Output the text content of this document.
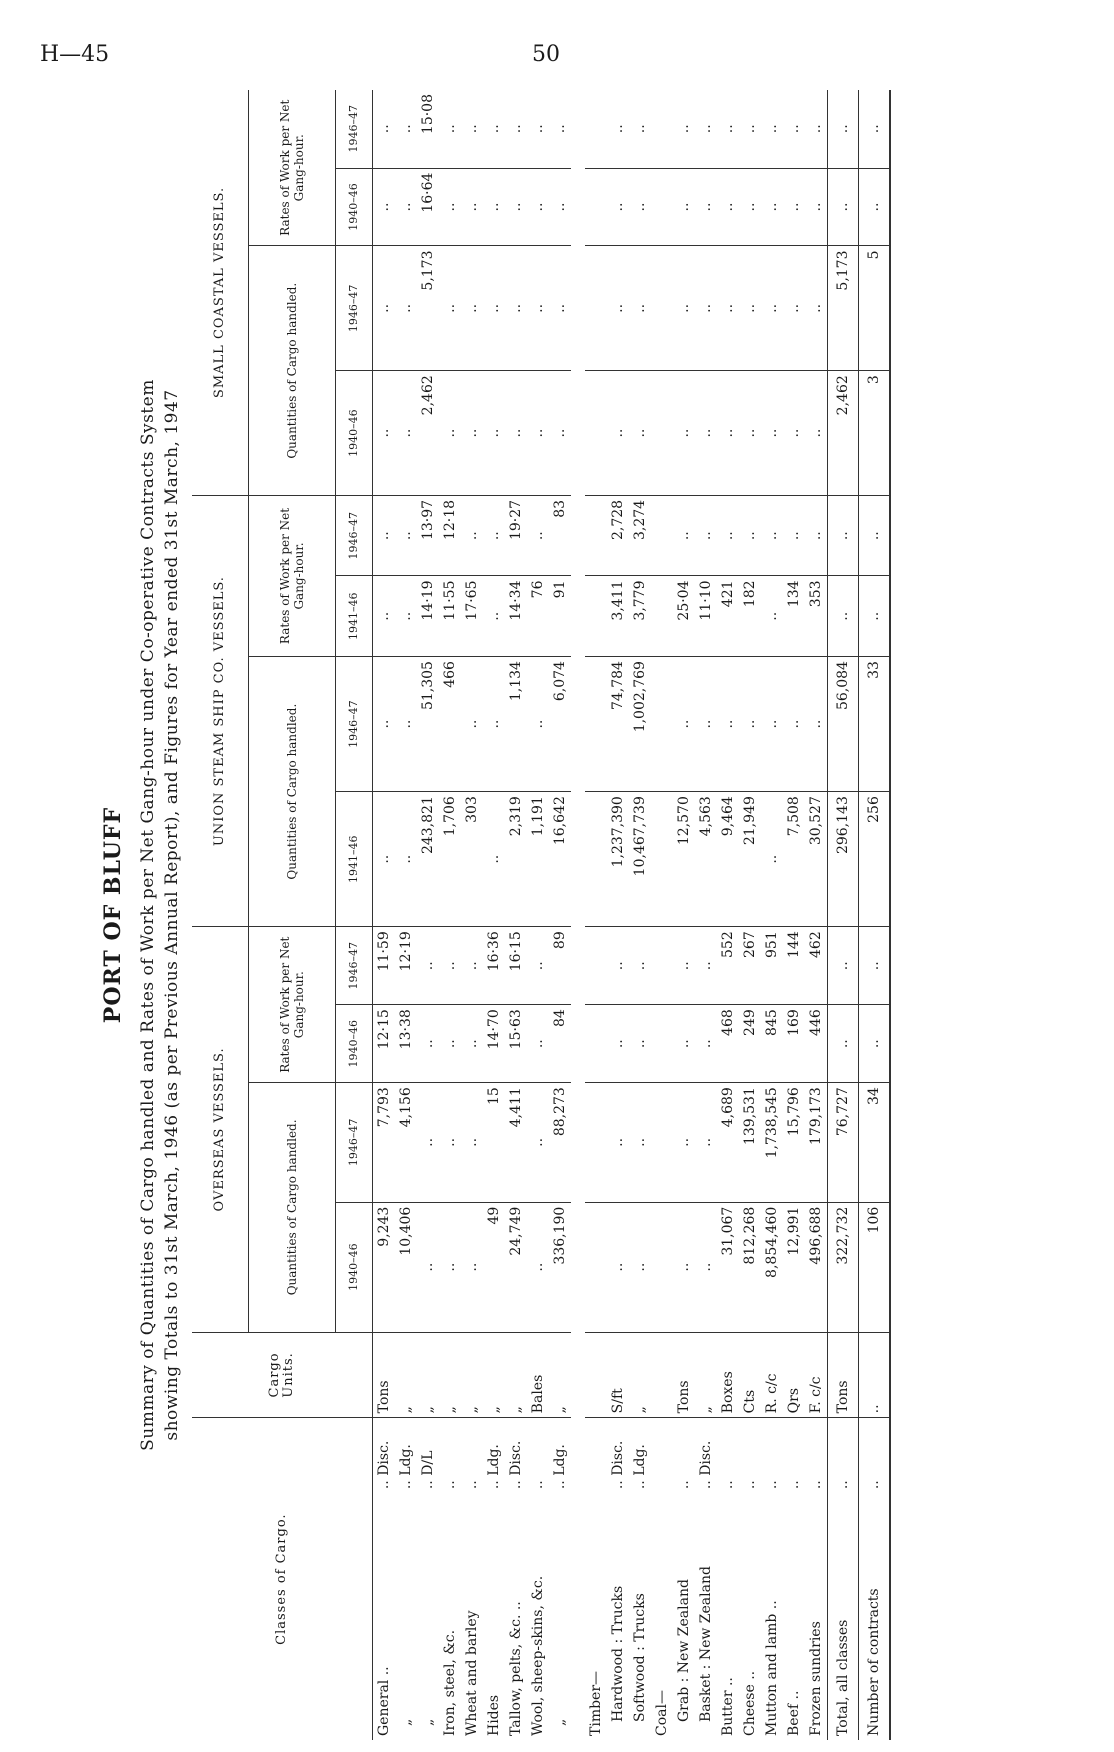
H—45	50
PORT OF BLUFF Summary of Quantities of Cargo handled and Rates of Work per Net Gang-hour under Co-operative Contracts System showing Totals to 31st March, 1946 (as per Previous Annual Report), and Figures for Year ended 31st March, 1947
Classes of Cargo.		Cargo Units.	OVERSEAS VESSELS.				UNION STEAM SHIP CO. VESSELS.				SMALL COASTAL VESSELS.			
			Quantities of Cargo handled.		Rates of Work per Net Gang-hour.		Quantities of Cargo handled.		Rates of Work per Net Gang-hour.		Quantities of Cargo handled.		Rates of Work per Net Gang-hour.	
			1940–46	1946–47	1940–46	1946–47	1941–46	1946–47	1941–46	1946–47	1940–46	1946–47	1940–46	1946–47
General ..	.. Disc.	Tons	9,243	7,793	12·15	11·59	..	..	..	..	..	..	..	..
„	.. Ldg.	„	10,406	4,156	13·38	12·19	..	..	..	..	..	..	..	..
„	.. D/L	„	..	..	..	..	243,821	51,305	14·19	13·97	2,462	5,173	16·64	15·08
Iron, steel, &c.	..	„	..	..	..	..	1,706	466	11·55	12·18	..	..	..	..
Wheat and barley	..	„	..	..	..	..	303	..	17·65	..	..	..	..	..
Hides	.. Ldg.	„	49	15	14·70	16·36	..	..	..	..	..	..	..	..
Tallow, pelts, &c. ..	.. Disc.	„	24,749	4,411	15·63	16·15	2,319	1,134	14·34	19·27	..	..	..	..
Wool, sheep-skins, &c.	..	Bales	..	..	..	..	1,191	..	76	..	..	..	..	..
„	.. Ldg.	„	336,190	88,273	84	89	16,642	6,074	91	83	..	..	..	..

Timber—														
Hardwood : Trucks	.. Disc.	S/ft	..	..	..	..	1,237,390	74,784	3,411	2,728	..	..	..	..
Softwood : Trucks	.. Ldg.	„	..	..	..	..	10,467,739	1,002,769	3,779	3,274	..	..	..	..
Coal—														
Grab : New Zealand	..	Tons	..	..	..	..	12,570	..	25·04	..	..	..	..	..
Basket : New Zealand	.. Disc.	„	..	..	..	..	4,563	..	11·10	..	..	..	..	..
Butter ..	..	Boxes	31,067	4,689	468	552	9,464	..	421	..	..	..	..	..
Cheese ..	..	Cts	812,268	139,531	249	267	21,949	..	182	..	..	..	..	..
Mutton and lamb ..	..	R. c/c	8,854,460	1,738,545	845	951	..	..	..	..	..	..	..	..
Beef ..	..	Qrs	12,991	15,796	169	144	7,508	..	134	..	..	..	..	..
Frozen sundries	..	F. c/c	496,688	179,173	446	462	30,527	..	353	..	..	..	..	..
Total, all classes	..	Tons	322,732	76,727	..	..	296,143	56,084	..	..	2,462	5,173	..	..
Number of contracts	..	..	106	34	..	..	256	33	..	..	3	5	..	..
